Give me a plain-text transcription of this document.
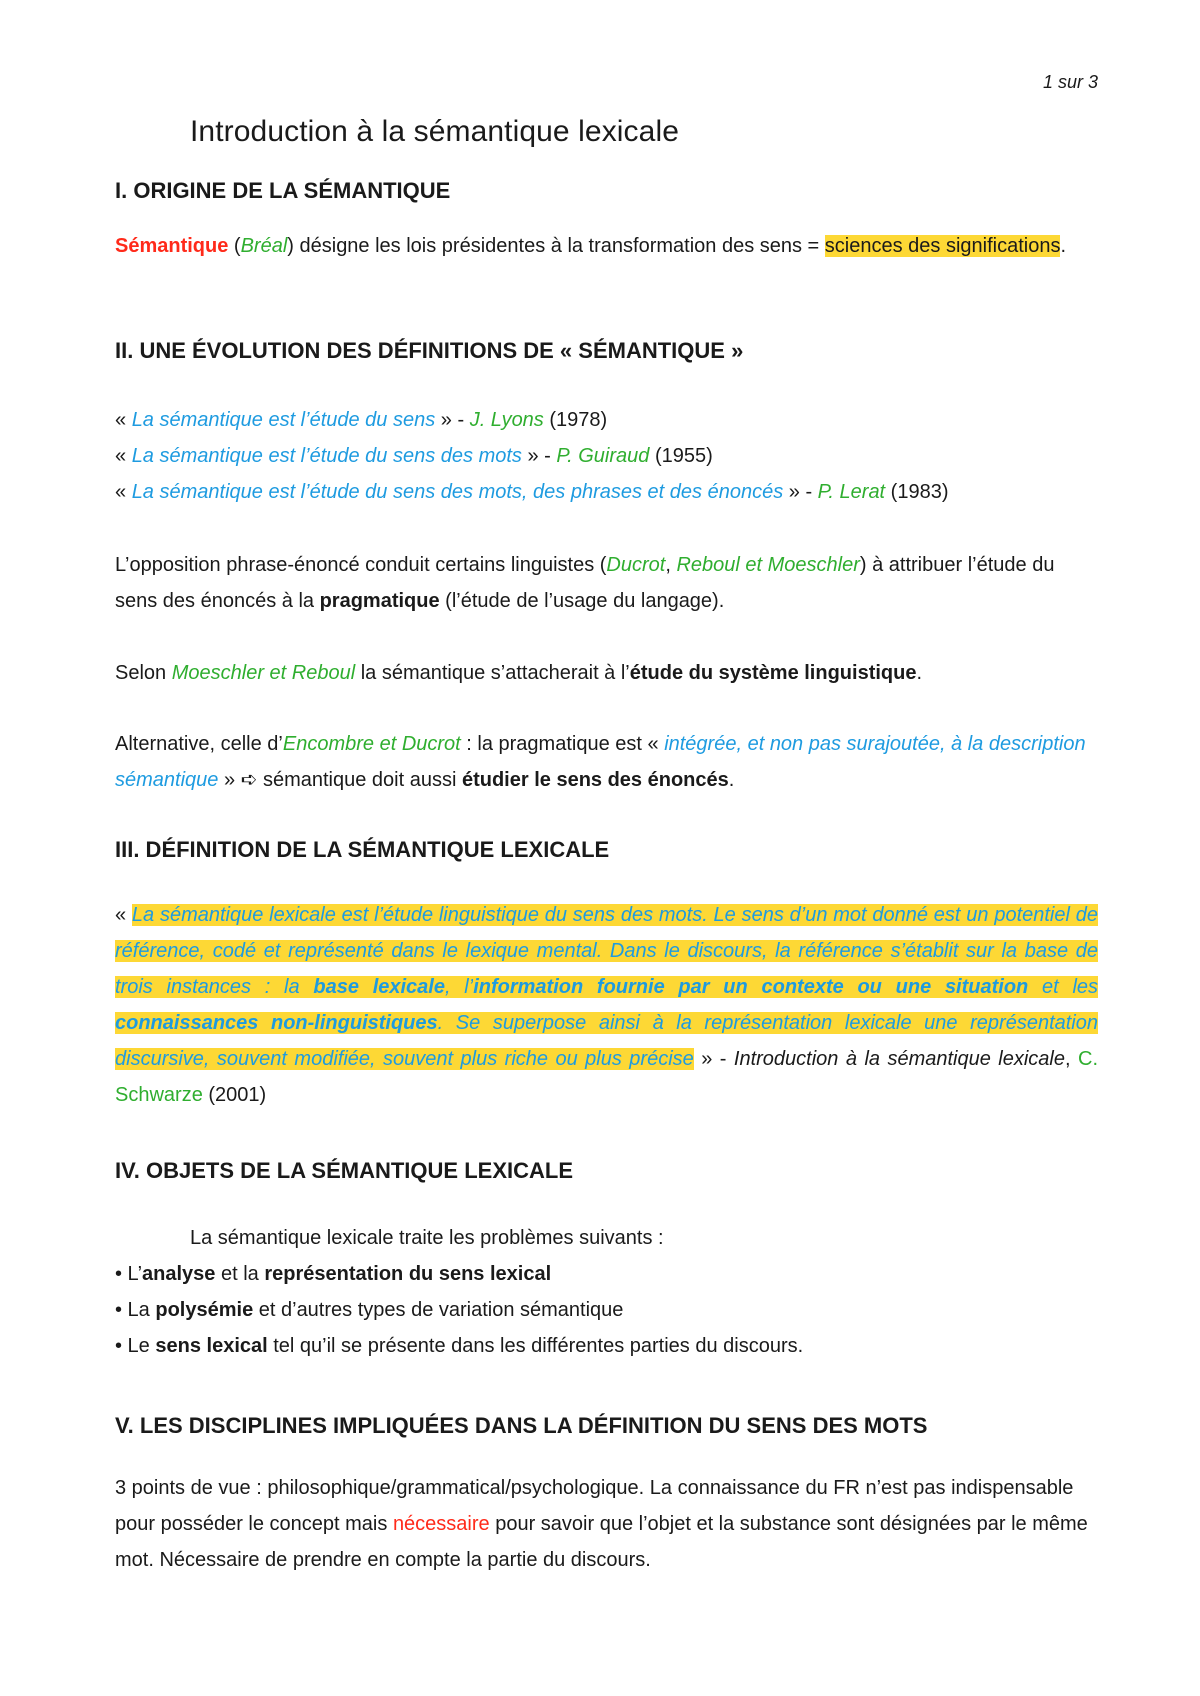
1 sur 3
Introduction à la sémantique lexicale
I. ORIGINE DE LA SÉMANTIQUE

Sémantique (Bréal) désigne les lois présidentes à la transformation des sens = sciences des significations.

II. UNE ÉVOLUTION DES DÉFINITIONS DE « SÉMANTIQUE »
« La sémantique est l’étude du sens » - J. Lyons (1978)
« La sémantique est l’étude du sens des mots » - P. Guiraud (1955)
« La sémantique est l’étude du sens des mots, des phrases et des énoncés » - P. Lerat (1983)

L’opposition phrase-énoncé conduit certains linguistes (Ducrot, Reboul et Moeschler) à attribuer l’étude du sens des énoncés à la pragmatique (l’étude de l’usage du langage).

Selon Moeschler et Reboul la sémantique s’attacherait à l’étude du système linguistique.

Alternative, celle d’Encombre et Ducrot : la pragmatique est « intégrée, et non pas surajoutée, à la description sémantique » ➪ sémantique doit aussi étudier le sens des énoncés.

III. DÉFINITION DE LA SÉMANTIQUE LEXICALE

« La sémantique lexicale est l’étude linguistique du sens des mots. Le sens d’un mot donné est un potentiel de référence, codé et représenté dans le lexique mental. Dans le discours, la référence s’établit sur la base de trois instances : la base lexicale, l’information fournie par un contexte ou une situation et les connaissances non-linguistiques. Se superpose ainsi à la représentation lexicale une représentation discursive, souvent modifiée, souvent plus riche ou plus précise » - Introduction à la sémantique lexicale, C. Schwarze (2001)

IV. OBJETS DE LA SÉMANTIQUE LEXICALE
La sémantique lexicale traite les problèmes suivants :
• L’analyse et la représentation du sens lexical
• La polysémie et d’autres types de variation sémantique
• Le sens lexical tel qu’il se présente dans les différentes parties du discours.
V. LES DISCIPLINES IMPLIQUÉES DANS LA DÉFINITION DU SENS DES MOTS

3 points de vue : philosophique/grammatical/psychologique. La connaissance du FR n’est pas indispensable pour posséder le concept mais nécessaire pour savoir que l’objet et la substance sont désignées par le même mot. Nécessaire de prendre en compte la partie du discours.
